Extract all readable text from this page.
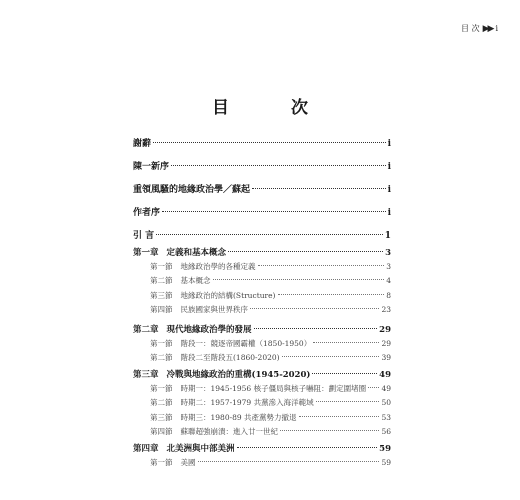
目 次 ▶▶ i
目 次
謝辭	i
陳一新序	i
重領風騷的地緣政治學／蘇起	i
作者序	i
引 言	1
第一章 定義和基本概念	3
第一節 地緣政治學的各種定義	3
第二節 基本概念	4
第三節 地緣政治的結構(Structure)	8
第四節 民族國家與世界秩序	23
第二章 現代地緣政治學的發展	29
第一節 階段一：競逐帝國霸權（1850-1950）	29
第二節 階段二至階段五(1860-2020)	39
第三章 冷戰與地緣政治的重構(1945-2020)	49
第一節 時期一：1945-1956 核子僵局與核子嚇阻：劃定圍堵圈 49
第二節 時期二：1957-1979 共黨滲入海洋範域	50
第三節 時期三：1980-89 共產黨勢力撤退	53
第四節 蘇聯超強崩潰：進入廿一世紀	56
第四章 北美洲與中部美洲	59
第一節 美國	59
